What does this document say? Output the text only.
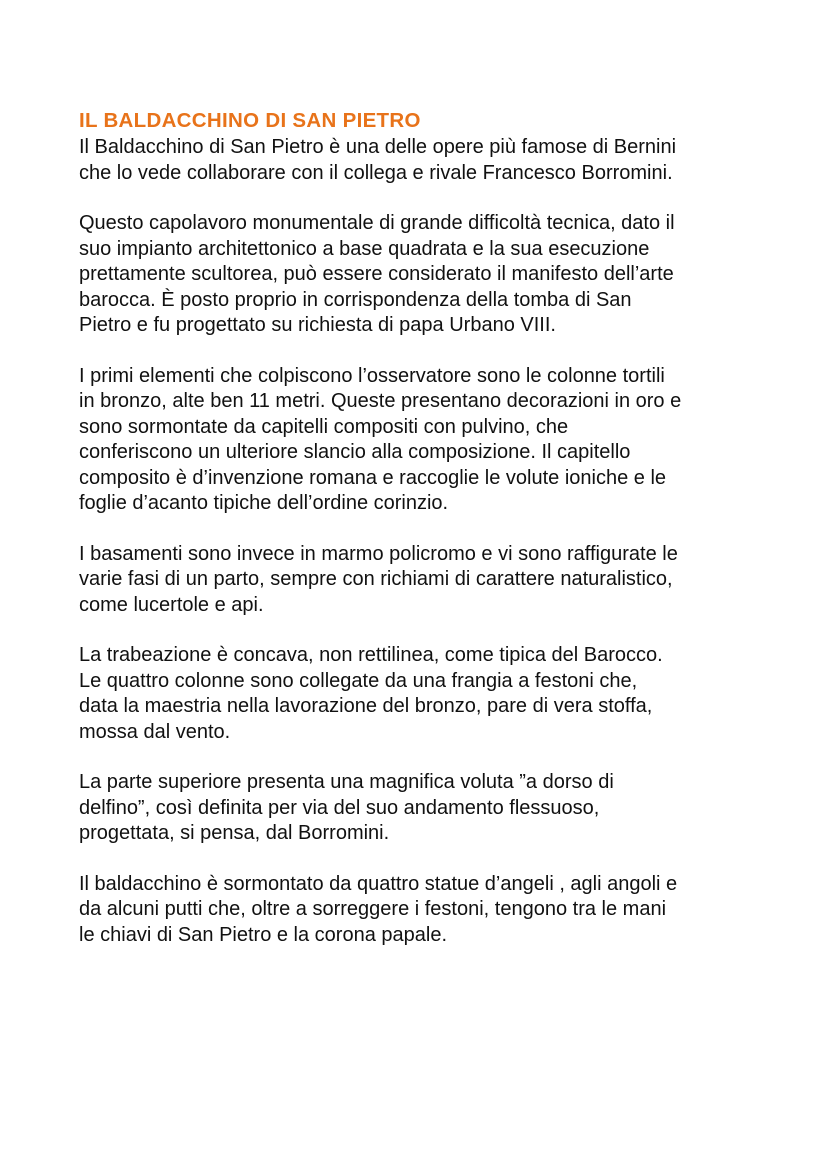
IL BALDACCHINO DI SAN PIETRO

Il Baldacchino di San Pietro è una delle opere più famose di Bernini
che lo vede collaborare con il collega e rivale Francesco Borromini.

Questo capolavoro monumentale di grande difficoltà tecnica, dato il
suo impianto architettonico a base quadrata e la sua esecuzione
prettamente scultorea, può essere considerato il manifesto dell’arte
barocca. È posto proprio in corrispondenza della tomba di San
Pietro e fu progettato su richiesta di papa Urbano VIII.

I primi elementi che colpiscono l’osservatore sono le colonne tortili
in bronzo, alte ben 11 metri. Queste presentano decorazioni in oro e
sono sormontate da capitelli compositi con pulvino, che
conferiscono un ulteriore slancio alla composizione. Il capitello
composito è d’invenzione romana e raccoglie le volute ioniche e le
foglie d’acanto tipiche dell’ordine corinzio.

I basamenti sono invece in marmo policromo e vi sono raffigurate le
varie fasi di un parto, sempre con richiami di carattere naturalistico,
come lucertole e api.

La trabeazione è concava, non rettilinea, come tipica del Barocco.
Le quattro colonne sono collegate da una frangia a festoni che,
data la maestria nella lavorazione del bronzo, pare di vera stoffa,
mossa dal vento.

La parte superiore presenta una magnifica voluta ”a dorso di
delfino”, così definita per via del suo andamento flessuoso,
progettata, si pensa, dal Borromini.

Il baldacchino è sormontato da quattro statue d’angeli , agli angoli e
da alcuni putti che, oltre a sorreggere i festoni, tengono tra le mani
le chiavi di San Pietro e la corona papale.
